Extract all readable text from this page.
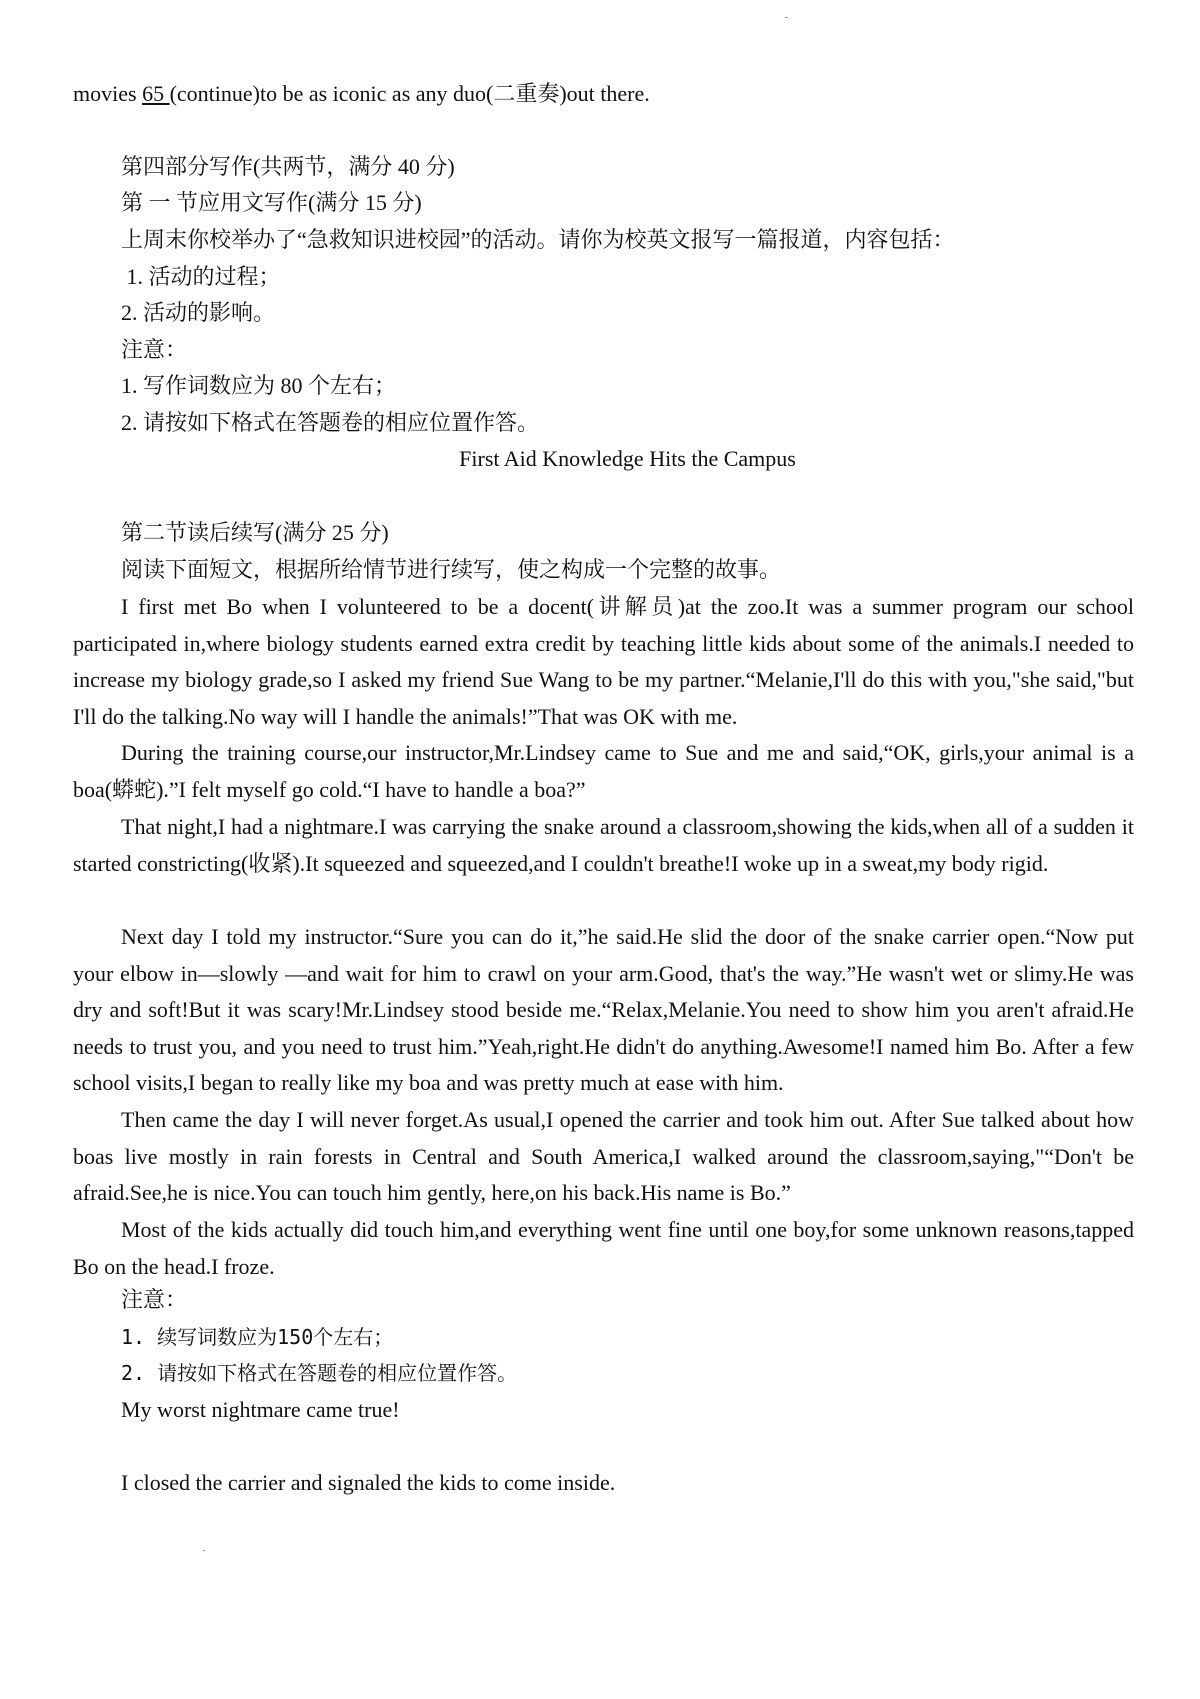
movies 65 (continue)to be as iconic as any duo(二重奏)out there.
第四部分写作(共两节，满分 40 分)
第 一 节应用文写作(满分 15 分)
上周末你校举办了“急救知识进校园”的活动。请你为校英文报写一篇报道，内容包括：
1. 活动的过程；
2. 活动的影响。
注意：
1. 写作词数应为 80 个左右；
2. 请按如下格式在答题卷的相应位置作答。
First Aid Knowledge Hits the Campus
第二节读后续写(满分 25 分)
阅读下面短文，根据所给情节进行续写，使之构成一个完整的故事。
I first met Bo when I volunteered to be a docent(讲解员)at the zoo.It was a summer program our school participated in,where biology students earned extra credit by teaching little kids about some of the animals.I needed to increase my biology grade,so I asked my friend Sue Wang to be my partner.“Melanie,I'll do this with you,"she said,"but I'll do the talking.No way will I handle the animals!”That was OK with me.
During the training course,our instructor,Mr.Lindsey came to Sue and me and said,“OK, girls,your animal is a boa(蟒蛇).”I felt myself go cold.“I have to handle a boa?”
That night,I had a nightmare.I was carrying the snake around a classroom,showing the kids,when all of a sudden it started constricting(收紧).It squeezed and squeezed,and I couldn't breathe!I woke up in a sweat,my body rigid.
Next day I told my instructor.“Sure you can do it,”he said.He slid the door of the snake carrier open.“Now put your elbow in—slowly —and wait for him to crawl on your arm.Good, that's the way.”He wasn't wet or slimy.He was dry and soft!But it was scary!Mr.Lindsey stood beside me.“Relax,Melanie.You need to show him you aren't afraid.He needs to trust you, and you need to trust him.”Yeah,right.He didn't do anything.Awesome!I named him Bo. After a few school visits,I began to really like my boa and was pretty much at ease with him.
Then came the day I will never forget.As usual,I opened the carrier and took him out. After Sue talked about how boas live mostly in rain forests in Central and South America,I walked around the classroom,saying,"“Don't be afraid.See,he is nice.You can touch him gently, here,on his back.His name is Bo.”
Most of the kids actually did touch him,and everything went fine until one boy,for some unknown reasons,tapped Bo on the head.I froze.
注意：
1. 续写词数应为150个左右；
2. 请按如下格式在答题卷的相应位置作答。
My worst nightmare came true!
I closed the carrier and signaled the kids to come inside.
